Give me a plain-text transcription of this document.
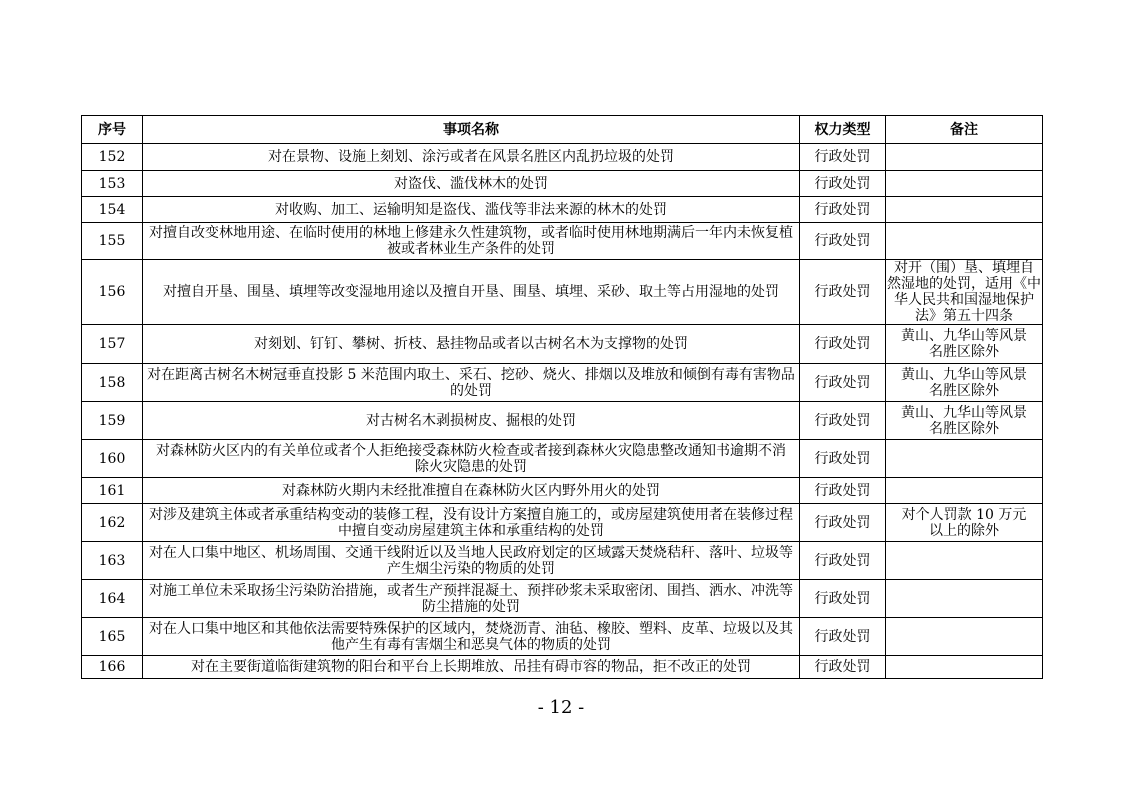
序号	事项名称	权力类型	备注
152	对在景物、设施上刻划、涂污或者在风景名胜区内乱扔垃圾的处罚	行政处罚	
153	对盗伐、滥伐林木的处罚	行政处罚	
154	对收购、加工、运输明知是盗伐、滥伐等非法来源的林木的处罚	行政处罚	
155	对擅自改变林地用途、在临时使用的林地上修建永久性建筑物，或者临时使用林地期满后一年内未恢复植
被或者林业生产条件的处罚	行政处罚	
156	对擅自开垦、围垦、填埋等改变湿地用途以及擅自开垦、围垦、填埋、采砂、取土等占用湿地的处罚	行政处罚	对开（围）垦、填埋自
然湿地的处罚，适用《中
华人民共和国湿地保护
法》第五十四条

157	对刻划、钉钉、攀树、折枝、悬挂物品或者以古树名木为支撑物的处罚	行政处罚	黄山、九华山等风景
名胜区除外

158	对在距离古树名木树冠垂直投影 5 米范围内取土、采石、挖砂、烧火、排烟以及堆放和倾倒有毒有害物品
的处罚	行政处罚	黄山、九华山等风景
名胜区除外

159	对古树名木剥损树皮、掘根的处罚	行政处罚	黄山、九华山等风景
名胜区除外

160	对森林防火区内的有关单位或者个人拒绝接受森林防火检查或者接到森林火灾隐患整改通知书逾期不消
除火灾隐患的处罚	行政处罚	
161	对森林防火期内未经批准擅自在森林防火区内野外用火的处罚	行政处罚	
162	对涉及建筑主体或者承重结构变动的装修工程，没有设计方案擅自施工的，或房屋建筑使用者在装修过程
中擅自变动房屋建筑主体和承重结构的处罚	行政处罚	对个人罚款 10 万元
以上的除外

163	对在人口集中地区、机场周围、交通干线附近以及当地人民政府划定的区域露天焚烧秸秆、落叶、垃圾等
产生烟尘污染的物质的处罚	行政处罚	
164	对施工单位未采取扬尘污染防治措施，或者生产预拌混凝土、预拌砂浆未采取密闭、围挡、洒水、冲洗等
防尘措施的处罚	行政处罚	
165	对在人口集中地区和其他依法需要特殊保护的区域内，焚烧沥青、油毡、橡胶、塑料、皮革、垃圾以及其
他产生有毒有害烟尘和恶臭气体的物质的处罚	行政处罚	
166	对在主要街道临街建筑物的阳台和平台上长期堆放、吊挂有碍市容的物品，拒不改正的处罚	行政处罚	
- 12 -
